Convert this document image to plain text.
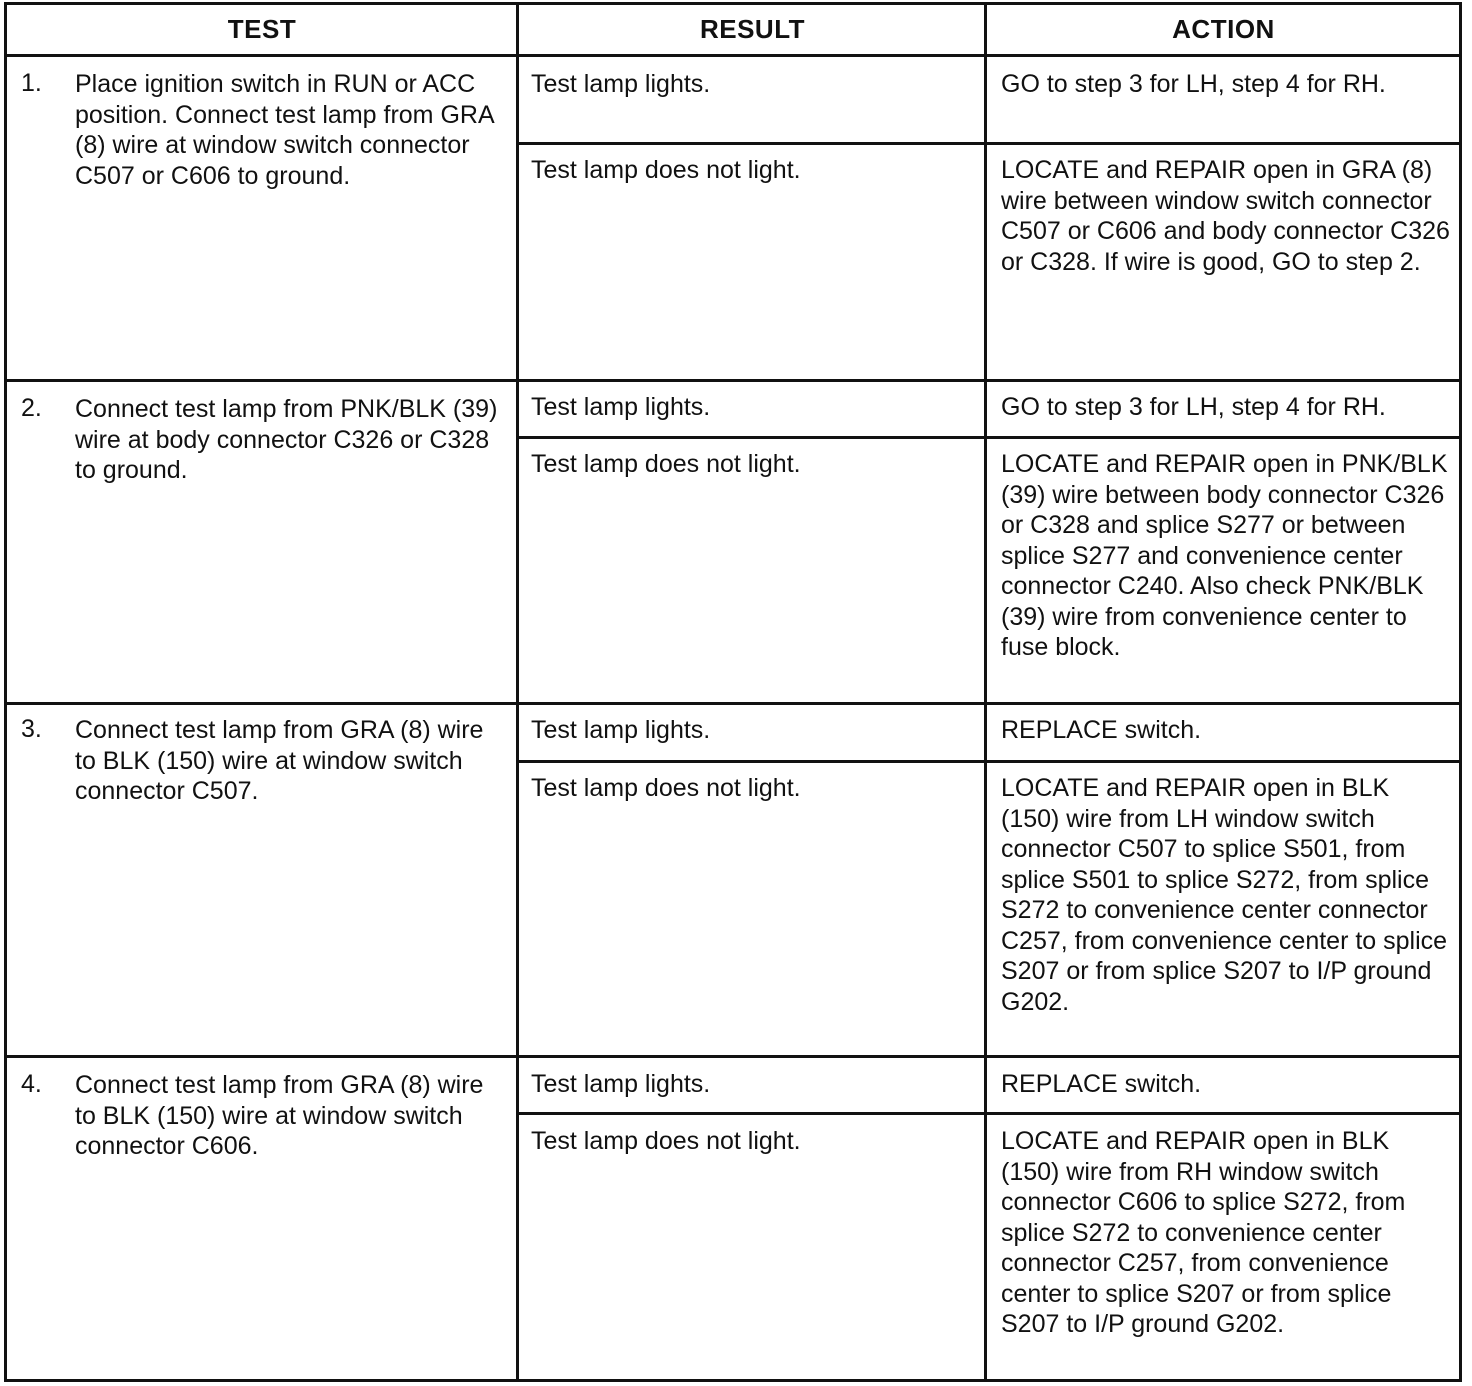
TEST	RESULT	ACTION
1. Place ignition switch in RUN or ACC position. Connect test lamp from GRA (8) wire at window switch connector C507 or C606 to ground.
Test lamp lights.	GO to step 3 for LH, step 4 for RH.
Test lamp does not light.	LOCATE and REPAIR open in GRA (8) wire between window switch connector C507 or C606 and body connector C326 or C328. If wire is good, GO to step 2.
2. Connect test lamp from PNK/BLK (39) wire at body connector C326 or C328 to ground.
Test lamp lights.	GO to step 3 for LH, step 4 for RH.
Test lamp does not light.	LOCATE and REPAIR open in PNK/BLK (39) wire between body connector C326 or C328 and splice S277 or between splice S277 and convenience center connector C240. Also check PNK/BLK (39) wire from convenience center to fuse block.
3. Connect test lamp from GRA (8) wire to BLK (150) wire at window switch connector C507.
Test lamp lights.	REPLACE switch.
Test lamp does not light.	LOCATE and REPAIR open in BLK (150) wire from LH window switch connector C507 to splice S501, from splice S501 to splice S272, from splice S272 to convenience center connector C257, from convenience center to splice S207 or from splice S207 to I/P ground G202.
4. Connect test lamp from GRA (8) wire to BLK (150) wire at window switch connector C606.
Test lamp lights.	REPLACE switch.
Test lamp does not light.	LOCATE and REPAIR open in BLK (150) wire from RH window switch connector C606 to splice S272, from splice S272 to convenience center connector C257, from convenience center to splice S207 or from splice S207 to I/P ground G202.
